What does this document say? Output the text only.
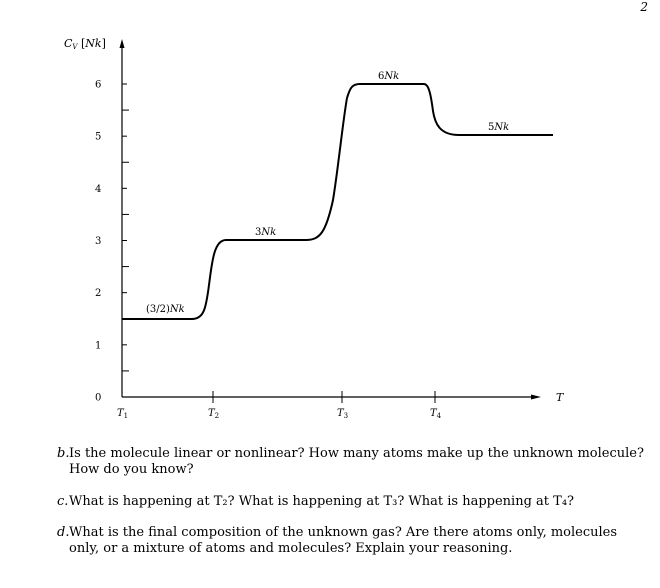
2
CV [Nk]
T
(3/2)Nk
3Nk
6Nk
5Nk
0
1
2
3
4
5
6
$T_1$	$T_2$	$T_3$	$T_4$
b.Is the molecule linear or nonlinear? How many atoms make up the unknown molecule?
How do you know?
c.What is happening at T₂? What is happening at T₃? What is happening at T₄?
d.What is the final composition of the unknown gas? Are there atoms only, molecules
only, or a mixture of atoms and molecules? Explain your reasoning.
